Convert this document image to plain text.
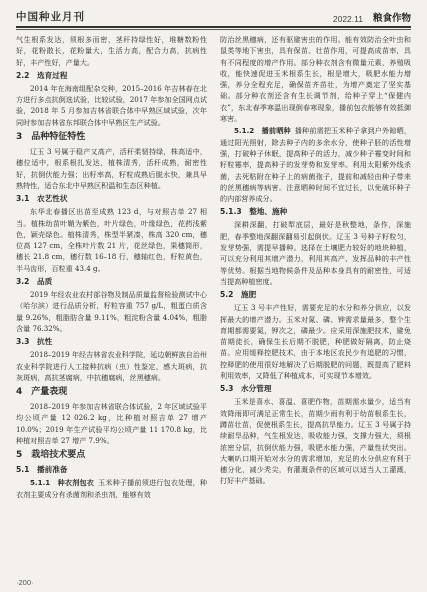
中国种业月刊	2022.11 粮食作物

气生根系发达，须根多而密，茎秆持绿性好，堆糖数粉性好，花粉散长，花粉量大，生活力高，配合力高，抗病性好，丰产性好，产量大。

2.2　选育过程

2014 年在海南组配杂交种，2015–2016 年吉林春在北方进行多点抗倒选试验，比较试验，2017 年参加全国网点试验，2018 年 5 月参加吉林省联合体中早熟区域试验，次年同时参加吉林省东邦联合体中早熟区生产试验。

3　品种特征特性

辽玉 3 号属于稳产又高产，活秆柔韧持绿，株高适中，穗位适中，根系根扎发达，植株清秀，活秆成熟，耐密性好，抗倒伏能力强；出籽率高，籽粒成熟后脱水快，兼具早熟特性，适合东北中早熟区积温和生态区种植。

3.1　农艺性状

东华北春播区出苗至成熟 123 d，与对照吉单 27 相当。植株幼苗叶鞘为紫色，叶片绿色，叶缘绿色，花药浅紫色，颖壳绿色。植株清秀，株型半紧凑，株高 320 cm，穗位高 127 cm，全株叶片数 21 片，花丝绿色，果穗筒形，穗长 21.8 cm，穗行数 16–18 行，穗轴红色，籽粒黄色，半马齿形，百粒重 43.4 g。

3.2　品质

2019 年经农业农村部谷物及制品质量监督检验测试中心（哈尔滨）进行品质分析，籽粒容重 757 g/L，粗蛋白质含量 9.26%，粗脂肪含量 9.11%，粗淀粉含量 4.04%，粗脂含量 76.32%。

3.3　抗性

2018–2019 年经吉林省农业科学院，延边朝鲜族自治州农业科学院进行人工接种抗病（虫）性鉴定，感大斑病，抗灰斑病，高抗茎腐病，中抗穗腐病，丝黑穗病。

4　产量表现

2018–2019 年参加吉林省联合体试验，2 年区域试验平均公顷产量 12 026.2 kg，比种植对照吉单 27 增产 10.0%；2019 年生产试验平均公顷产量 11 170.8 kg，比种植对照吉单 27 增产 7.9%。

5　栽培技术要点
5.1　播前准备

5.1.1　种衣剂包衣 玉米种子播前须进行包衣处理，种衣剂主要成分有杀菌剂和杀虫剂，能够有效

防治丝黑穗病，还有驱避害虫的作用。能有效防治全叶虫和鼠类等地下害虫，具有保苗、壮苗作用，可提高成苗率，具有不同程度的增产作用。部分种衣剂含有微量元素，养殖吸收，能快速促进玉米根系生长，根是增大，吸肥水能力增强，养分全程充足，确保苗齐苗壮，为增产奠定了坚实基础。部分种衣剂还含有生长调节剂，给种子穿上“保健内衣”，东北春季寒温出现倒春寒现象，播前包衣能够有效抵御寒害。

5.1.2　播前晒种 播种前需把玉米种子拿到户外晾晒，通过阳光照射，除去种子内的多余水分，使种子胚的活性增强，打破种子休眠，提高种子的活力，减少种子霉变时间和籽粒霉率，提高种子的发芽势和发芽率。利用太阳紫外线杀菌，去死粘附在种子上的病菌孢子，提前和减轻由种子带来的丝黑穗病等病害。注意晒种时间不宜过长，以免破坏种子的内部营养成分。

5.1.3　整地、施种

深耕深翻，打破犁底层，最好是秋整地，条作，深施肥，春季整地深翻深翻易引起倒伏。辽玉 3 号种子籽粒匀，发芽势强，需提早播种。选择在土壤肥力较好的地块种植，可以充分利用其增产潜力，利用其高产、发挥品种的丰产性等优势。根据当地物候条件及品种本身具有的耐密性，可适当提高种植密度。

5.2　施肥

辽玉 3 号丰产性好，需要充足的水分和养分供应，以发挥最大的增产潜力。玉米对氮、磷、钾需求量最多，整个生育期都需要氮，钾次之，磷最少。应采用深施肥技术，避免苗期徒长，确保生长后期不脱肥，种肥做好隔离，防止烧苗。应用缓释控肥技术，由于本地区农民少有追肥的习惯，控释肥的使用很好地解决了后期脱肥的问题，既提高了肥料利用效率，又降低了种植成本，可实现节本增效。

5.3　水分管理

玉米是喜水、喜温、喜肥作物，苗期需水量少，适当有效降雨即可满足正常生长，苗期少雨有利于幼苗根系生长，蹲苗壮苗，促使根系生长，提高抗旱能力。辽玉 3 号属于持续耐旱品种，气生根发达，吸收能力强，支撑力强大，须根浓密分层，抗倒伏能力强，吸肥水能力强，产量性状突出。大喇叭口期开始对水分的需求增加，充足的水分供应有利于穗分化，减少秃尖，有灌溉条件的区域可以适当人工灌溉，打好丰产基础。

·200·
